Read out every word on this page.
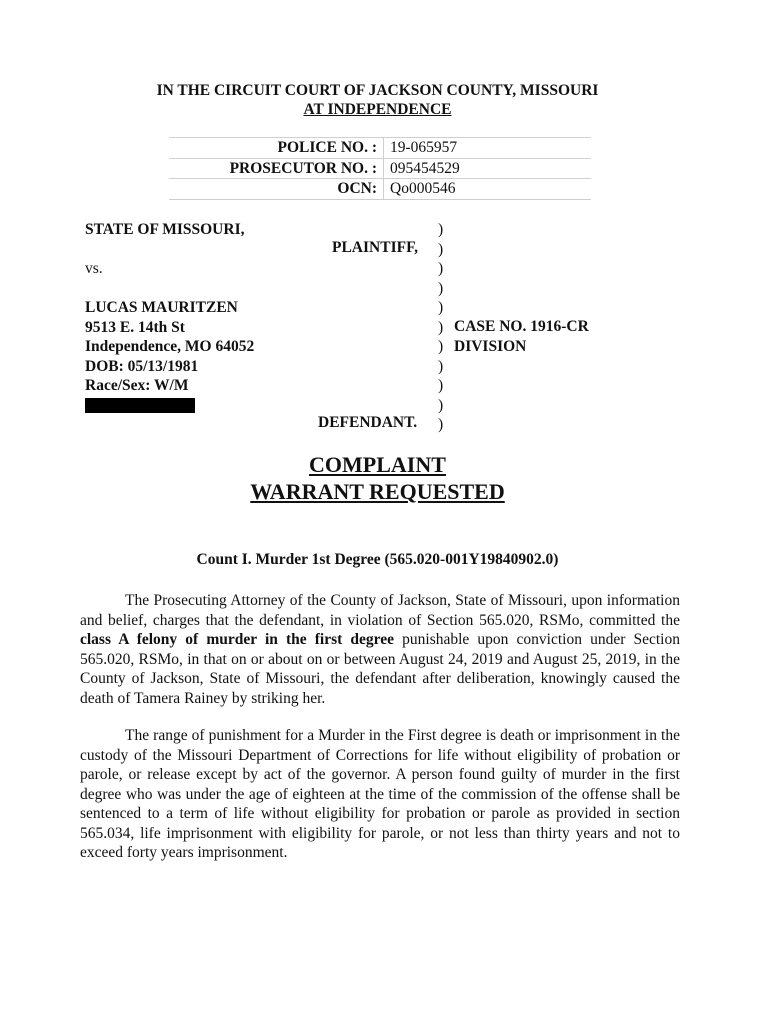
IN THE CIRCUIT COURT OF JACKSON COUNTY, MISSOURI
AT INDEPENDENCE
POLICE NO. : 19-065957
PROSECUTOR NO. : 095454529
OCN: Qo000546
STATE OF MISSOURI,
vs.
LUCAS MAURITZEN
9513 E. 14th St
Independence, MO 64052
DOB: 05/13/1981
Race/Sex: W/M
PLAINTIFF,
DEFENDANT.
)
)
)
)
)
)
)
)
)
)
)
CASE NO. 1916-CR
DIVISION
COMPLAINT
WARRANT REQUESTED
Count I. Murder 1st Degree (565.020-001Y19840902.0)
The Prosecuting Attorney of the County of Jackson, State of Missouri, upon information and belief, charges that the defendant, in violation of Section 565.020, RSMo, committed the class A felony of murder in the first degree punishable upon conviction under Section 565.020, RSMo, in that on or about on or between August 24, 2019 and August 25, 2019, in the County of Jackson, State of Missouri, the defendant after deliberation, knowingly caused the death of Tamera Rainey by striking her.
The range of punishment for a Murder in the First degree is death or imprisonment in the custody of the Missouri Department of Corrections for life without eligibility of probation or parole, or release except by act of the governor. A person found guilty of murder in the first degree who was under the age of eighteen at the time of the commission of the offense shall be sentenced to a term of life without eligibility for probation or parole as provided in section 565.034, life imprisonment with eligibility for parole, or not less than thirty years and not to exceed forty years imprisonment.
